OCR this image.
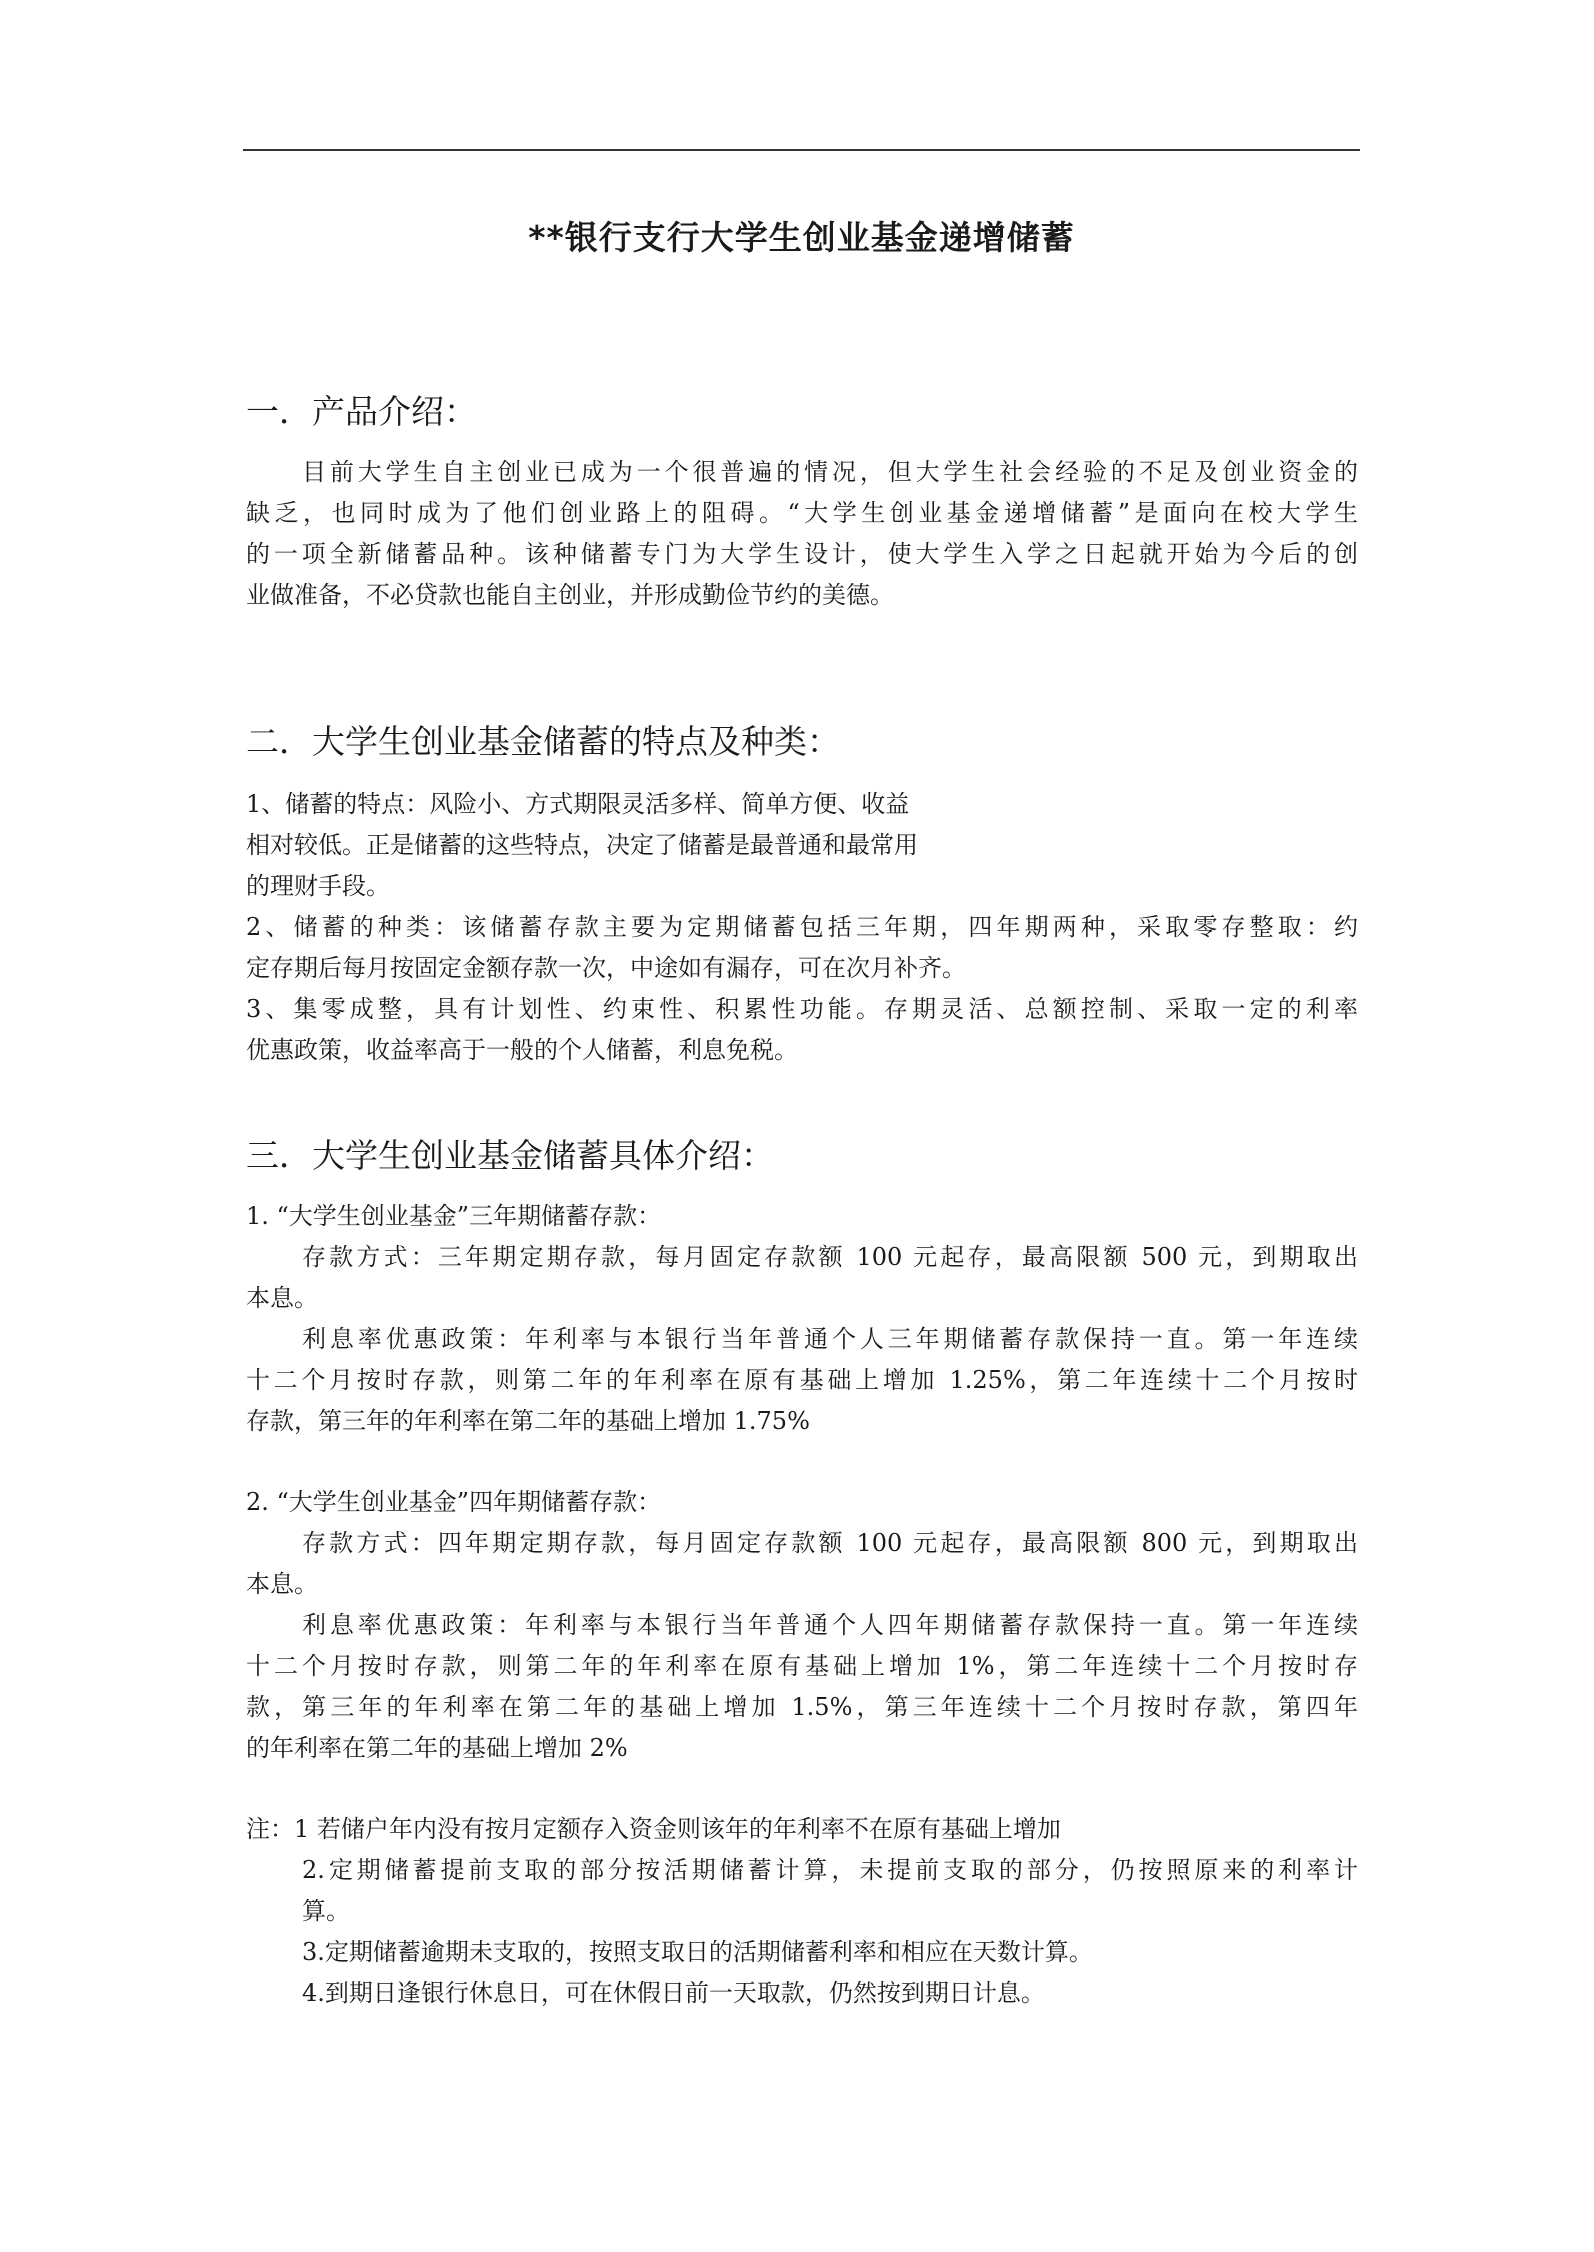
**银行支行大学生创业基金递增储蓄
一．产品介绍：

目前大学生自主创业已成为一个很普遍的情况，但大学生社会经验的不足及创业资金的

缺乏，也同时成为了他们创业路上的阻碍。“大学生创业基金递增储蓄”是面向在校大学生

的一项全新储蓄品种。该种储蓄专门为大学生设计，使大学生入学之日起就开始为今后的创

业做准备，不必贷款也能自主创业，并形成勤俭节约的美德。

二．大学生创业基金储蓄的特点及种类：

1、储蓄的特点：风险小、方式期限灵活多样、简单方便、收益

相对较低。正是储蓄的这些特点，决定了储蓄是最普通和最常用

的理财手段。

2、储蓄的种类：该储蓄存款主要为定期储蓄包括三年期，四年期两种，采取零存整取：约

定存期后每月按固定金额存款一次，中途如有漏存，可在次月补齐。

3、集零成整，具有计划性、约束性、积累性功能。存期灵活、总额控制、采取一定的利率

优惠政策，收益率高于一般的个人储蓄，利息免税。

三．大学生创业基金储蓄具体介绍：

1. “大学生创业基金”三年期储蓄存款：

存款方式：三年期定期存款，每月固定存款额 100 元起存，最高限额 500 元，到期取出

本息。

利息率优惠政策：年利率与本银行当年普通个人三年期储蓄存款保持一直。第一年连续

十二个月按时存款，则第二年的年利率在原有基础上增加 1.25%，第二年连续十二个月按时

存款，第三年的年利率在第二年的基础上增加 1.75%

2. “大学生创业基金”四年期储蓄存款：

存款方式：四年期定期存款，每月固定存款额 100 元起存，最高限额 800 元，到期取出

本息。

利息率优惠政策：年利率与本银行当年普通个人四年期储蓄存款保持一直。第一年连续

十二个月按时存款，则第二年的年利率在原有基础上增加 1%，第二年连续十二个月按时存

款，第三年的年利率在第二年的基础上增加 1.5%，第三年连续十二个月按时存款，第四年

的年利率在第二年的基础上增加 2%

注：1 若储户年内没有按月定额存入资金则该年的年利率不在原有基础上增加

2.定期储蓄提前支取的部分按活期储蓄计算，未提前支取的部分，仍按照原来的利率计

算。

3.定期储蓄逾期未支取的，按照支取日的活期储蓄利率和相应在天数计算。

4.到期日逢银行休息日，可在休假日前一天取款，仍然按到期日计息。
